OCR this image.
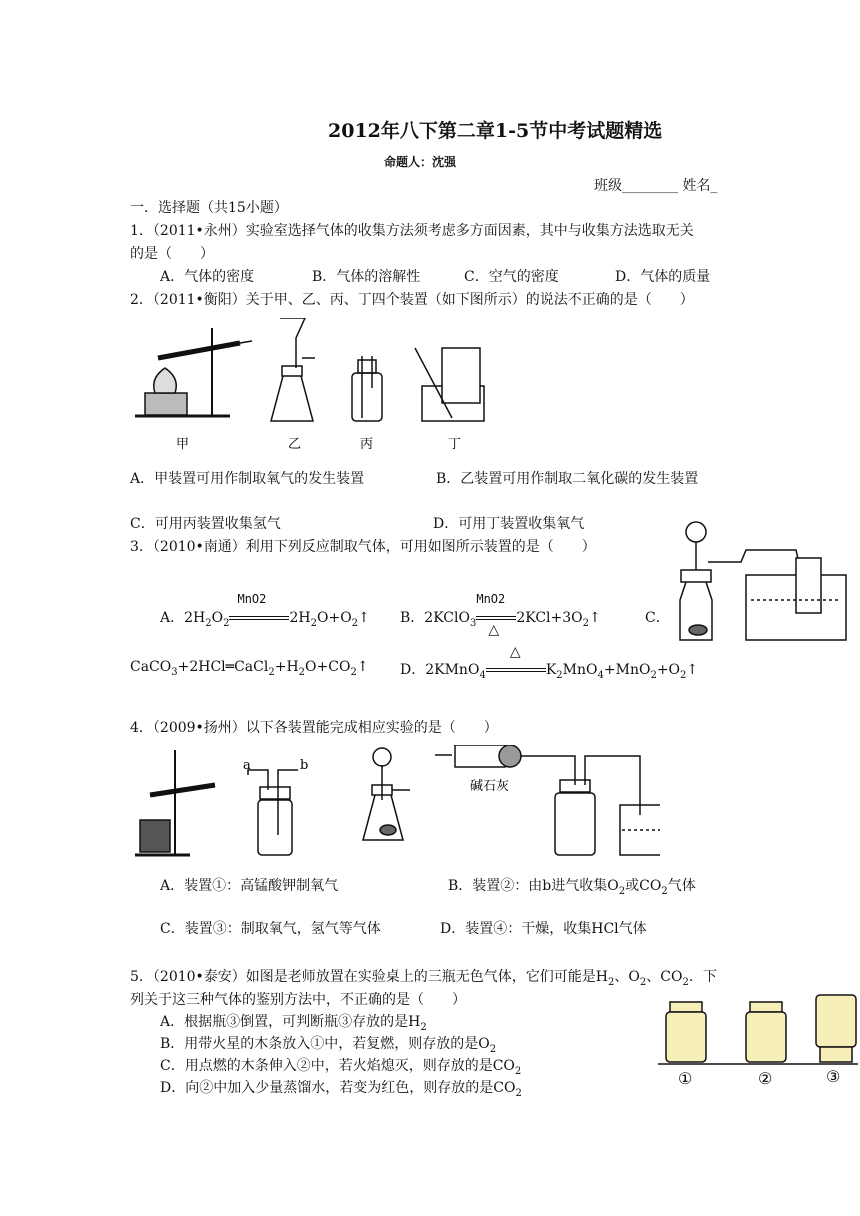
2012年八下第二章1-5节中考试题精选
命题人：沈强
班级________ 姓名_
一．选择题（共15小题）
1．（2011•永州）实验室选择气体的收集方法须考虑多方面因素，其中与收集方法选取无关
的是（　　）
A．气体的密度	B．气体的溶解性	C．空气的密度	D．气体的质量
2．（2011•衡阳）关于甲、乙、丙、丁四个装置（如下图所示）的说法不正确的是（　　）
甲	乙	丙	丁
A．甲装置可用作制取氧气的发生装置	B．乙装置可用作制取二氧化碳的发生装置
C．可用丙装置收集氢气	D．可用丁装置收集氧气
3．（2010•南通）利用下列反应制取气体，可用如图所示装置的是（　　）
A．$2H_2O_2$
MnO2
$2H_2O+O_2↑$ B．2KClO$_3$
MnO2
△
$2KCl+3O_2↑$	C．
$CaCO_3+2HCl═CaCl_2+H_2O+CO_2↑$ D．2KMnO$_4$
△
$K_2MnO_4+MnO_2+O_2↑$
4．（2009•扬州）以下各装置能完成相应实验的是（　　）
a	b
碱石灰
A．装置①：高锰酸钾制氧气	B．装置②：由b进气收集$O_2$或$CO_2$气体
C．装置③：制取氧气，氢气等气体	D．装置④：干燥，收集HCl气体
5．（2010•泰安）如图是老师放置在实验桌上的三瓶无色气体，它们可能是$H_2$、$O_2$、$CO_2$．下
列关于这三种气体的鉴别方法中，不正确的是（　　）
A．根据瓶③倒置，可判断瓶③存放的是$H_2$
B．用带火星的木条放入①中，若复燃，则存放的是$O_2$
C．用点燃的木条伸入②中，若火焰熄灭，则存放的是$CO_2$
D．向②中加入少量蒸馏水，若变为红色，则存放的是$CO_2$
①	②	③
